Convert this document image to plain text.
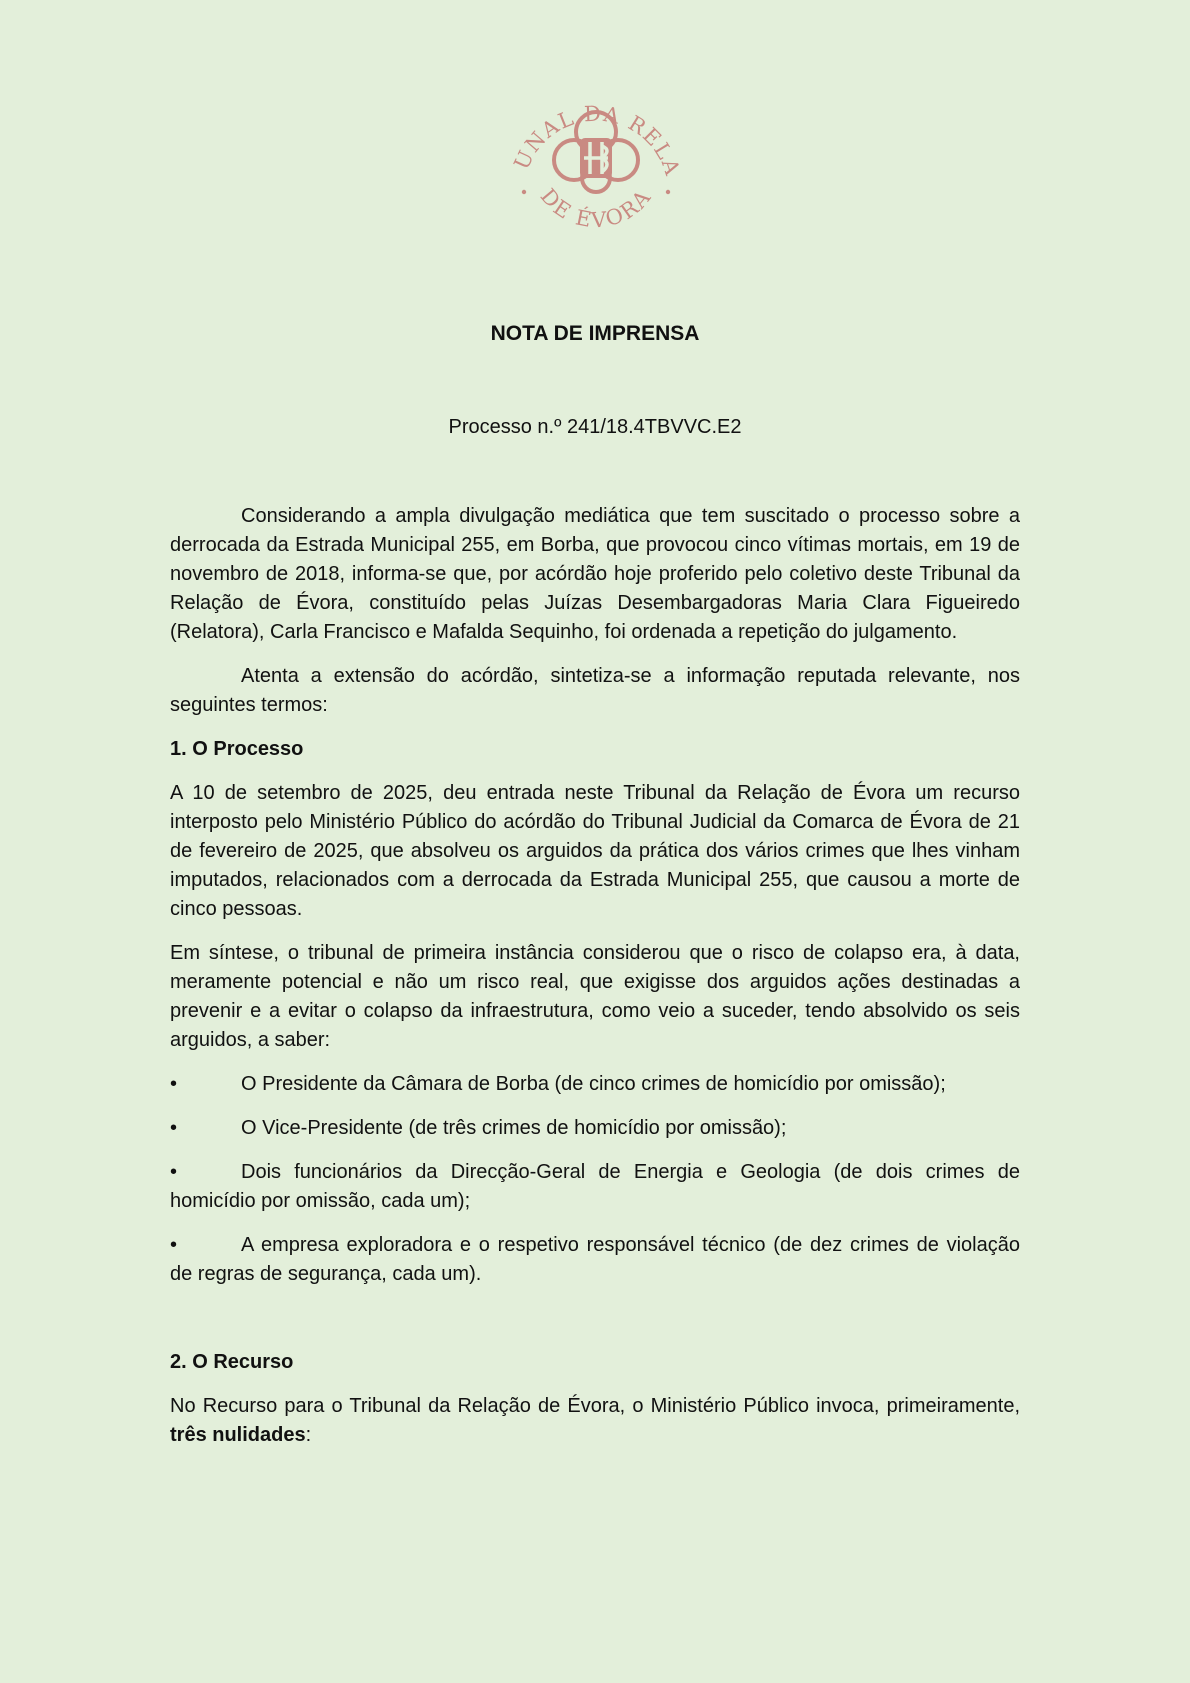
UNAL DA RELA
DE ÉVORA
NOTA DE IMPRENSA
Processo n.º 241/18.4TBVVC.E2

Considerando a ampla divulgação mediática que tem suscitado o processo sobre a derrocada da Estrada Municipal 255, em Borba, que provocou cinco vítimas mortais, em 19 de novembro de 2018, informa-se que, por acórdão hoje proferido pelo coletivo deste Tribunal da Relação de Évora, constituído pelas Juízas Desembargadoras Maria Clara Figueiredo (Relatora), Carla Francisco e Mafalda Sequinho, foi ordenada a repetição do julgamento.

Atenta a extensão do acórdão, sintetiza-se a informação reputada relevante, nos seguintes termos:

1. O Processo

A 10 de setembro de 2025, deu entrada neste Tribunal da Relação de Évora um recurso interposto pelo Ministério Público do acórdão do Tribunal Judicial da Comarca de Évora de 21 de fevereiro de 2025, que absolveu os arguidos da prática dos vários crimes que lhes vinham imputados, relacionados com a derrocada da Estrada Municipal 255, que causou a morte de cinco pessoas.

Em síntese, o tribunal de primeira instância considerou que o risco de colapso era, à data, meramente potencial e não um risco real, que exigisse dos arguidos ações destinadas a prevenir e a evitar o colapso da infraestrutura, como veio a suceder, tendo absolvido os seis arguidos, a saber:

•	O Presidente da Câmara de Borba (de cinco crimes de homicídio por omissão);

•	O Vice-Presidente (de três crimes de homicídio por omissão);

•	Dois funcionários da Direcção-Geral de Energia e Geologia (de dois crimes de homicídio por omissão, cada um);

•	A empresa exploradora e o respetivo responsável técnico (de dez crimes de violação de regras de segurança, cada um).

2. O Recurso

No Recurso para o Tribunal da Relação de Évora, o Ministério Público invoca, primeiramente, três nulidades:
